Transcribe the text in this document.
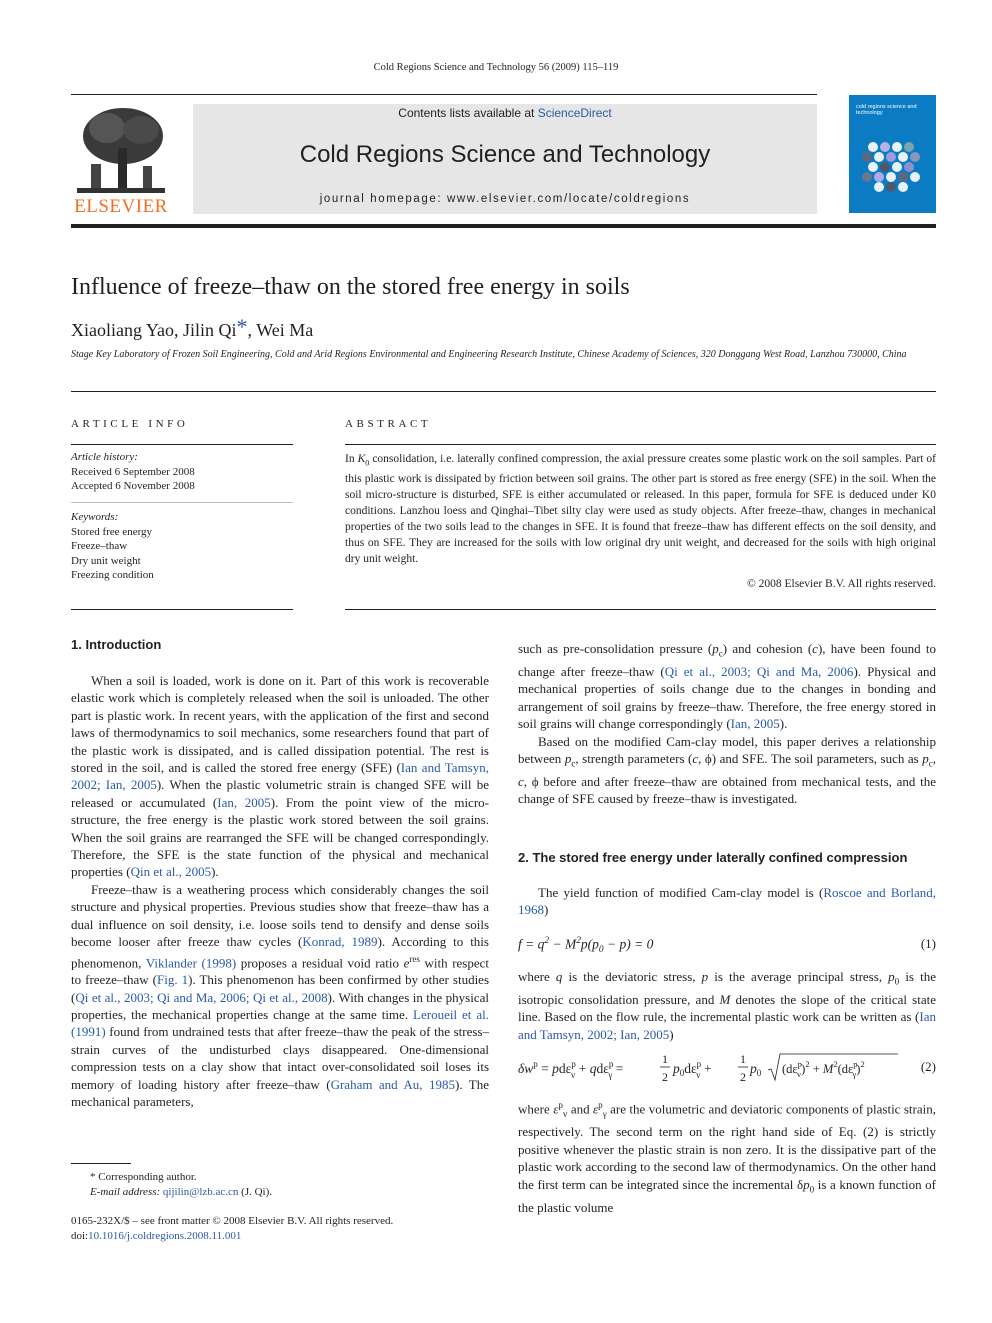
Cold Regions Science and Technology 56 (2009) 115–119
ELSEVIER
Contents lists available at ScienceDirect
Cold Regions Science and Technology
journal homepage: www.elsevier.com/locate/coldregions
cold regions science and technology
Influence of freeze–thaw on the stored free energy in soils
Xiaoliang Yao, Jilin Qi*, Wei Ma
Stage Key Laboratory of Frozen Soil Engineering, Cold and Arid Regions Environmental and Engineering Research Institute, Chinese Academy of Sciences, 320 Donggang West Road, Lanzhou 730000, China
ARTICLE INFO
Article history:
Received 6 September 2008
Accepted 6 November 2008
Keywords:
Stored free energy
Freeze–thaw
Dry unit weight
Freezing condition
ABSTRACT
In $K_0$ consolidation, i.e. laterally confined compression, the axial pressure creates some plastic work on the soil samples. Part of this plastic work is dissipated by friction between soil grains. The other part is stored as free energy (SFE) in the soil. When the soil micro-structure is disturbed, SFE is either accumulated or released. In this paper, formula for SFE is deduced under K0 conditions. Lanzhou loess and Qinghai–Tibet silty clay were used as study objects. After freeze–thaw, changes in mechanical properties of the two soils lead to the changes in SFE. It is found that freeze–thaw has different effects on the soil density, and thus on SFE. They are increased for the soils with low original dry unit weight, and decreased for the soils with high original dry unit weight.
© 2008 Elsevier B.V. All rights reserved.
1. Introduction

When a soil is loaded, work is done on it. Part of this work is recoverable elastic work which is completely released when the soil is unloaded. The other part is plastic work. In recent years, with the application of the first and second laws of thermodynamics to soil mechanics, some researchers found that part of the plastic work is dissipated, and is called dissipation potential. The rest is stored in the soil, and is called the stored free energy (SFE) (Ian and Tamsyn, 2002; Ian, 2005). When the plastic volumetric strain is changed SFE will be released or accumulated (Ian, 2005). From the point view of the micro-structure, the free energy is the plastic work stored between the soil grains. When the soil grains are rearranged the SFE will be changed correspondingly. Therefore, the SFE is the state function of the physical and mechanical properties (Qin et al., 2005).

Freeze–thaw is a weathering process which considerably changes the soil structure and physical properties. Previous studies show that freeze–thaw has a dual influence on soil density, i.e. loose soils tend to densify and dense soils become looser after freeze thaw cycles (Konrad, 1989). According to this phenomenon, Viklander (1998) proposes a residual void ratio $e^{res}$ with respect to freeze–thaw (Fig. 1). This phenomenon has been confirmed by other studies (Qi et al., 2003; Qi and Ma, 2006; Qi et al., 2008). With changes in the physical properties, the mechanical properties change at the same time. Leroueil et al. (1991) found from undrained tests that after freeze–thaw the peak of the stress–strain curves of the undisturbed clays disappeared. One-dimensional compression tests on a clay show that intact over-consolidated soil loses its memory of loading history after freeze–thaw (Graham and Au, 1985). The mechanical parameters,

such as pre-consolidation pressure $(p_c)$ and cohesion (c), have been found to change after freeze–thaw (Qi et al., 2003; Qi and Ma, 2006). Physical and mechanical properties of soils change due to the changes in bonding and arrangement of soil grains by freeze–thaw. Therefore, the free energy stored in soil grains will change correspondingly (Ian, 2005).

Based on the modified Cam-clay model, this paper derives a relationship between $p_c$, strength parameters (c, ϕ) and SFE. The soil parameters, such as $p_c$, c, ϕ before and after freeze–thaw are obtained from mechanical tests, and the change of SFE caused by freeze–thaw is investigated.

2. The stored free energy under laterally confined compression

The yield function of modified Cam-clay model is (Roscoe and Borland, 1968)

$f = q^2 - M^2p(p_0 - p) = 0$	(1)

where q is the deviatoric stress, p is the average principal stress, $p_0$ is the isotropic consolidation pressure, and M denotes the slope of the critical state line. Based on the flow rule, the incremental plastic work can be written as (Ian and Tamsyn, 2002; Ian, 2005)

$\delta w^p = pd\varepsilon^p$ v + qdε$^p$ γ =
1
2
$p_0d\varepsilon^p$ v +
1
2
$p_0$ ($d\varepsilon^p$ $v)^2 + M^2(d\varepsilon^p$ γ)$^2$	(2)

where $\varepsilon^p_v$ and $\varepsilon^p_\gamma$ are the volumetric and deviatoric components of plastic strain, respectively. The second term on the right hand side of Eq. (2) is strictly positive whenever the plastic strain is non zero. It is the dissipative part of the plastic work according to the second law of thermodynamics. On the other hand the first term can be integrated since the incremental $\delta p_0$ is a known function of the plastic volume

* Corresponding author.
E-mail address: qijilin@lzb.ac.cn (J. Qi).
0165-232X/$ – see front matter © 2008 Elsevier B.V. All rights reserved.
doi:10.1016/j.coldregions.2008.11.001
